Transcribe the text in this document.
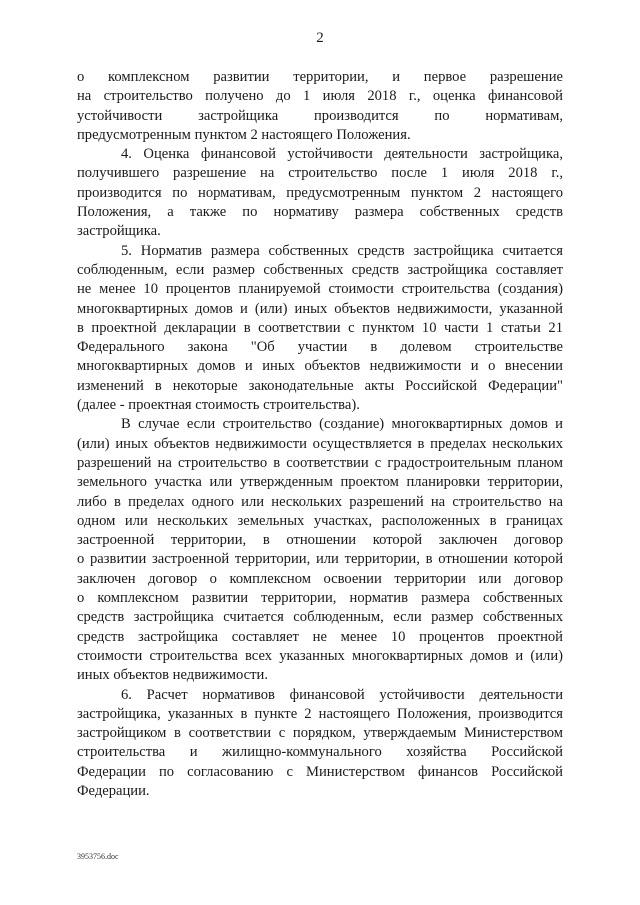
2
о комплексном развитии территории, и первое разрешение
на строительство получено до 1 июля 2018 г., оценка финансовой
устойчивости застройщика производится по нормативам,
предусмотренным пунктом 2 настоящего Положения.
4. Оценка финансовой устойчивости деятельности застройщика,
получившего разрешение на строительство после 1 июля 2018 г.,
производится по нормативам, предусмотренным пунктом 2 настоящего
Положения, а также по нормативу размера собственных средств
застройщика.
5. Норматив размера собственных средств застройщика считается
соблюденным, если размер собственных средств застройщика составляет
не менее 10 процентов планируемой стоимости строительства (создания)
многоквартирных домов и (или) иных объектов недвижимости, указанной
в проектной декларации в соответствии с пунктом 10 части 1 статьи 21
Федерального закона "Об участии в долевом строительстве
многоквартирных домов и иных объектов недвижимости и о внесении
изменений в некоторые законодательные акты Российской Федерации"
(далее - проектная стоимость строительства).
В случае если строительство (создание) многоквартирных домов и
(или) иных объектов недвижимости осуществляется в пределах нескольких
разрешений на строительство в соответствии с градостроительным планом
земельного участка или утвержденным проектом планировки территории,
либо в пределах одного или нескольких разрешений на строительство на
одном или нескольких земельных участках, расположенных в границах
застроенной территории, в отношении которой заключен договор
о развитии застроенной территории, или территории, в отношении которой
заключен договор о комплексном освоении территории или договор
о комплексном развитии территории, норматив размера собственных
средств застройщика считается соблюденным, если размер собственных
средств застройщика составляет не менее 10 процентов проектной
стоимости строительства всех указанных многоквартирных домов и (или)
иных объектов недвижимости.
6. Расчет нормативов финансовой устойчивости деятельности
застройщика, указанных в пункте 2 настоящего Положения, производится
застройщиком в соответствии с порядком, утверждаемым Министерством
строительства и жилищно-коммунального хозяйства Российской
Федерации по согласованию с Министерством финансов Российской
Федерации.
3953756.doc
